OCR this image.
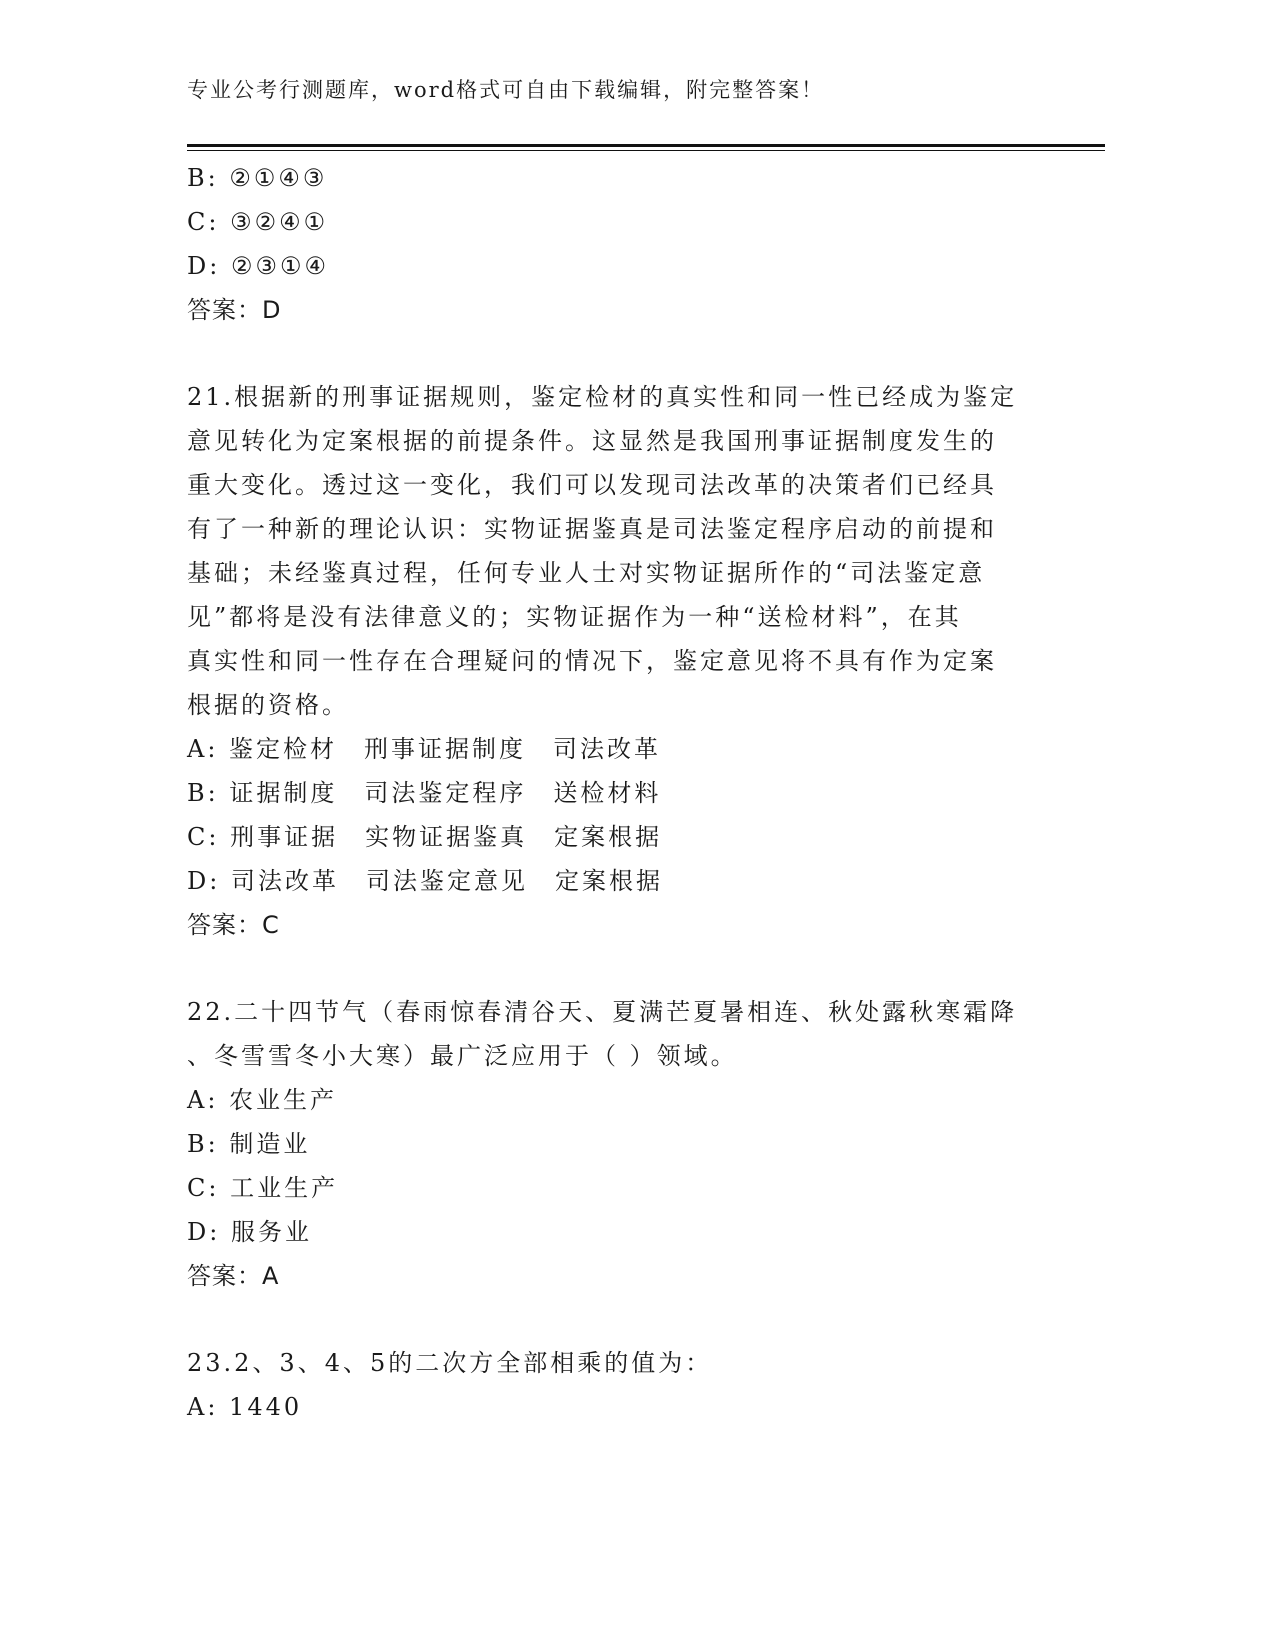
专业公考行测题库，word格式可自由下载编辑，附完整答案！
B: ②①④③
C: ③②④①
D: ②③①④
答案：D
21.根据新的刑事证据规则，鉴定检材的真实性和同一性已经成为鉴定
意见转化为定案根据的前提条件。这显然是我国刑事证据制度发生的
重大变化。透过这一变化，我们可以发现司法改革的决策者们已经具
有了一种新的理论认识：实物证据鉴真是司法鉴定程序启动的前提和
基础；未经鉴真过程，任何专业人士对实物证据所作的“司法鉴定意
见”都将是没有法律意义的；实物证据作为一种“送检材料”，在其
真实性和同一性存在合理疑问的情况下，鉴定意见将不具有作为定案
根据的资格。
A: 鉴定检材　刑事证据制度　司法改革
B: 证据制度　司法鉴定程序　送检材料
C: 刑事证据　实物证据鉴真　定案根据
D: 司法改革　司法鉴定意见　定案根据
答案：C
22.二十四节气（春雨惊春清谷天、夏满芒夏暑相连、秋处露秋寒霜降
、冬雪雪冬小大寒）最广泛应用于（ ）领域。
A: 农业生产
B: 制造业
C: 工业生产
D: 服务业
答案：A
23.2、3、4、5的二次方全部相乘的值为：
A: 1440
